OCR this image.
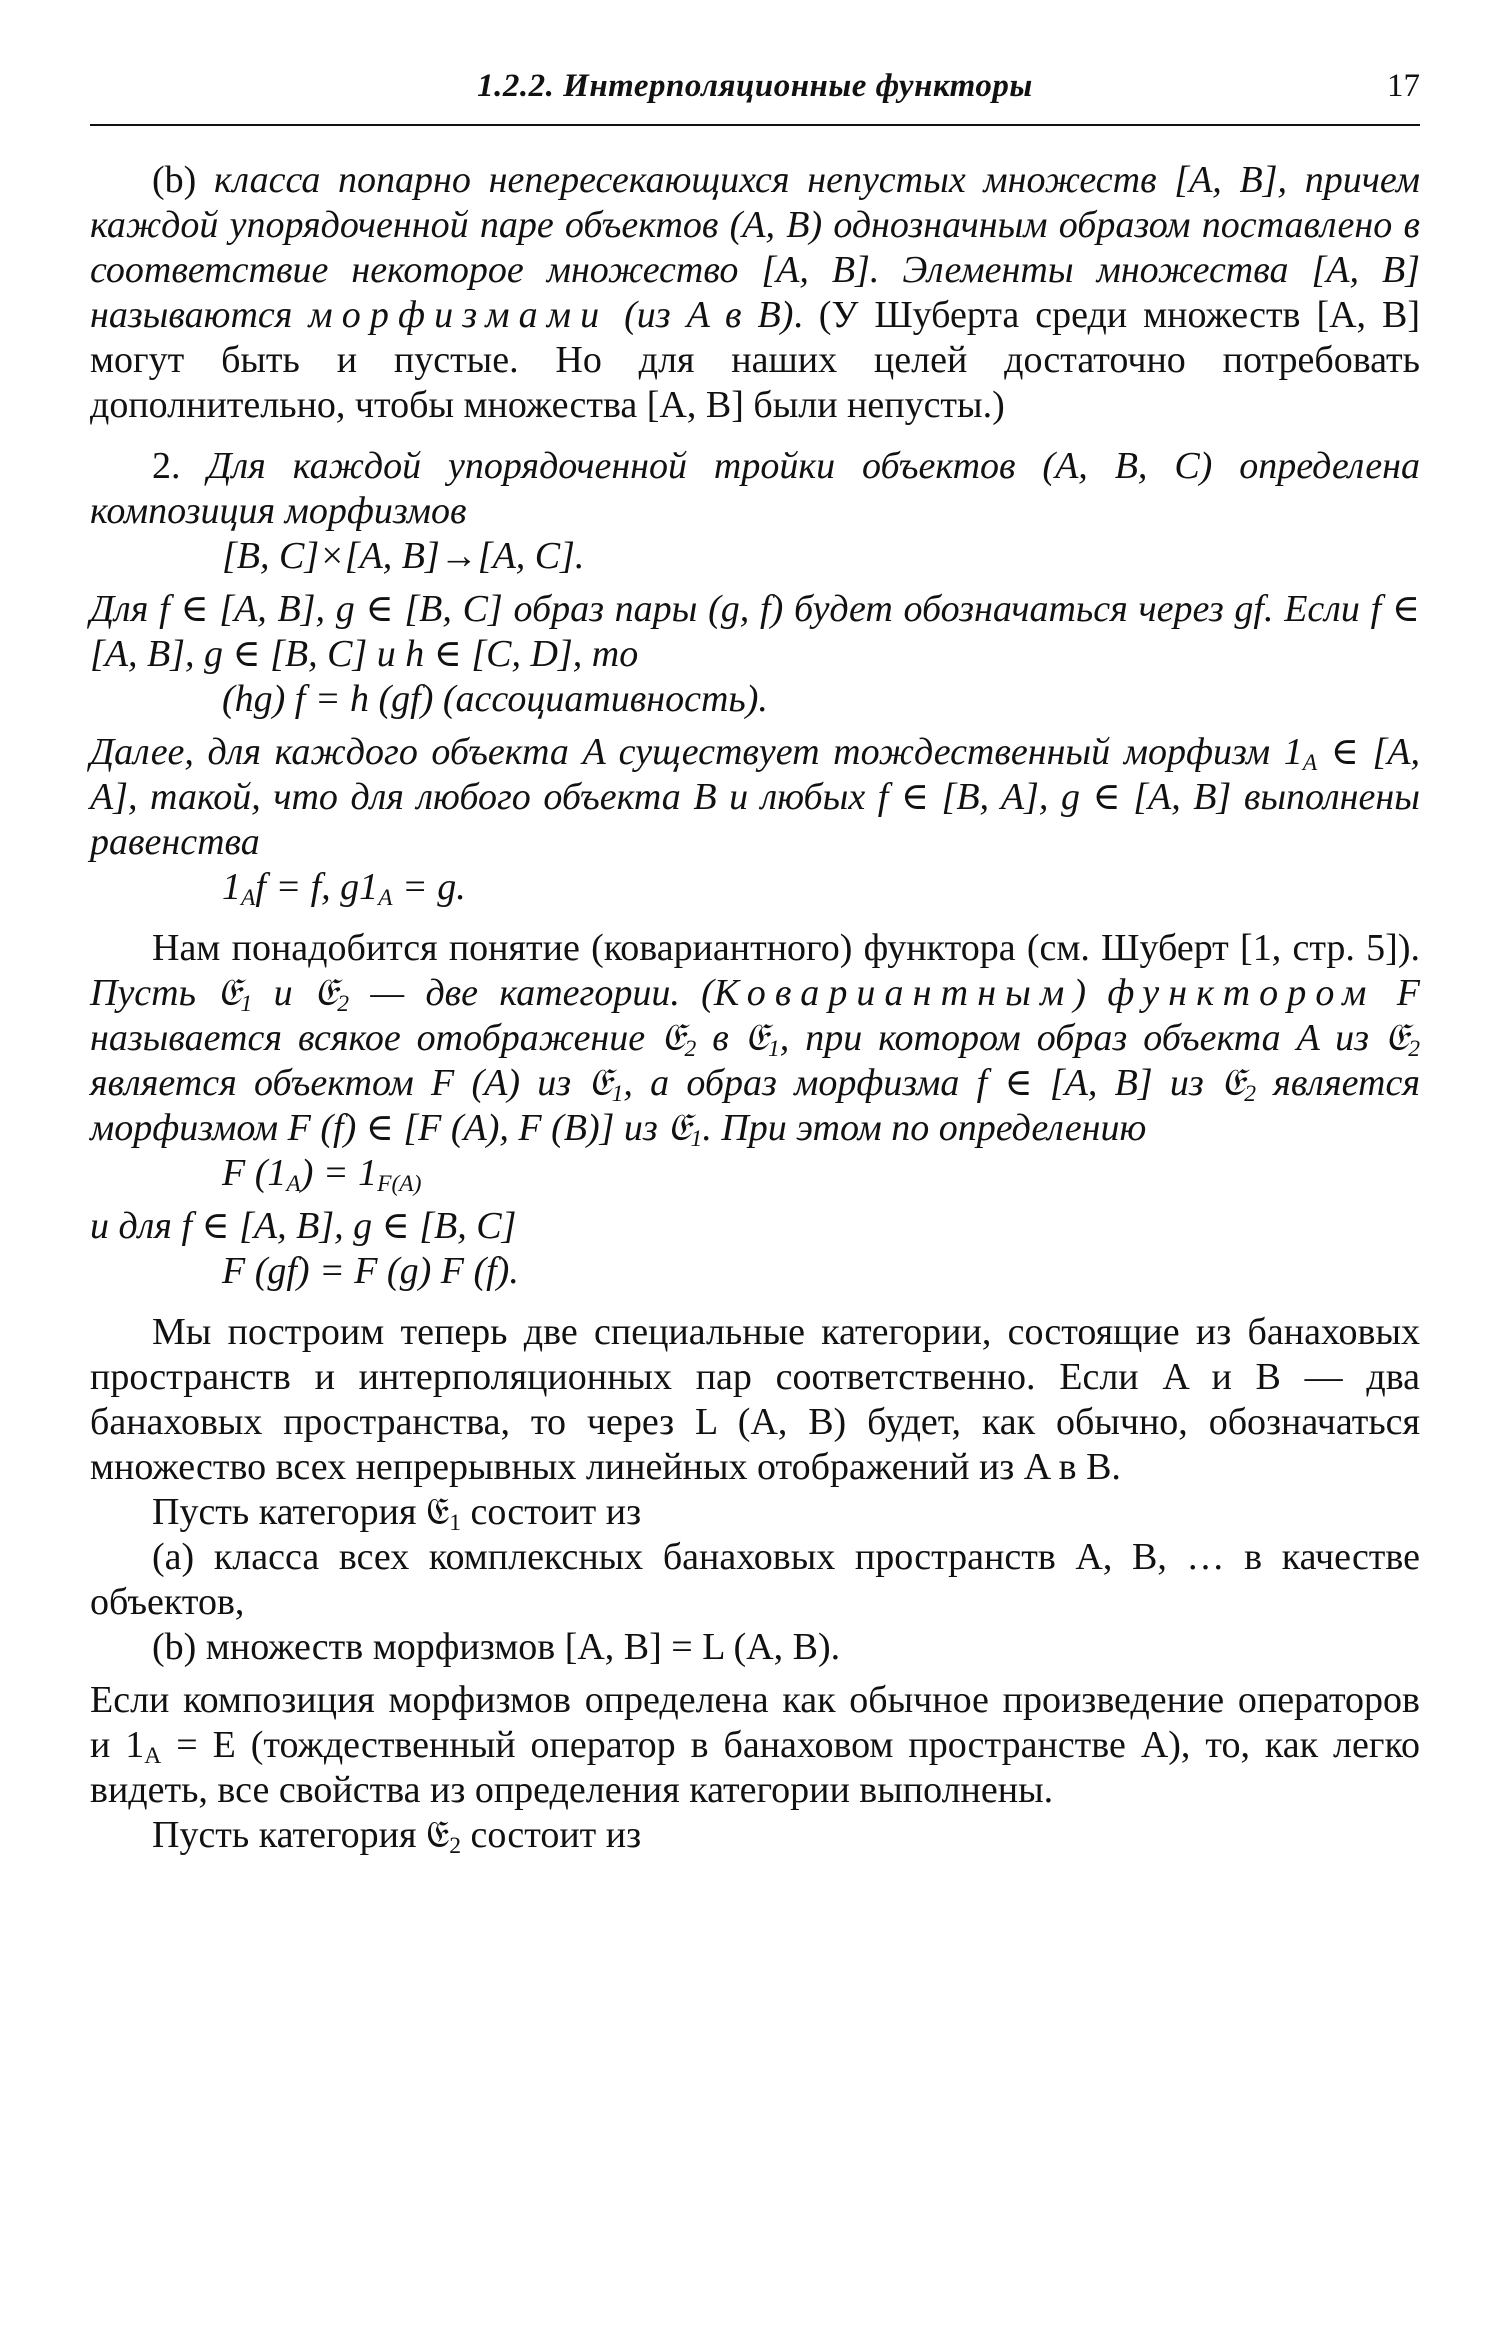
1.2.2. Интерполяционные функторы	17

(b) класса попарно непересекающихся непустых множеств [A, B], причем каждой упорядоченной паре объектов (A, B) однозначным образом поставлено в соответствие некоторое множество [A, B]. Элементы множества [A, B] называются морфизмами (из A в B). (У Шуберта среди множеств [A, B] могут быть и пустые. Но для наших целей достаточно потребовать дополнительно, чтобы множества [A, B] были непусты.)

2. Для каждой упорядоченной тройки объектов (A, B, C) определена композиция морфизмов

[B, C]×[A, B]→[A, C].

Для f ∈ [A, B], g ∈ [B, C] образ пары (g, f) будет обозначаться через gf. Если f ∈ [A, B], g ∈ [B, C] и h ∈ [C, D], то

(hg) f = h (gf) (ассоциативность).

Далее, для каждого объекта A существует тождественный морфизм $1_A$ ∈ [A, A], такой, что для любого объекта B и любых f ∈ [B, A], g ∈ [A, B] выполнены равенства

$1_Af = f$, $g1_A = g$.

Нам понадобится понятие (ковариантного) функтора (см. Шуберт [1, стр. 5]). Пусть 𝔈$_1$ и 𝔈$_2$ — две категории. (Ковариантным) функтором F называется всякое отображение 𝔈$_2$ в 𝔈$_1$, при котором образ объекта A из 𝔈$_2$ является объектом F (A) из 𝔈$_1$, а образ морфизма f ∈ [A, B] из 𝔈$_2$ является морфизмом F (f) ∈ [F (A), F (B)] из 𝔈$_1$. При этом по определению

F $(1_A) = 1_{F(A)}$

и для f ∈ [A, B], g ∈ [B, C]

F (gf) = F (g) F (f).

Мы построим теперь две специальные категории, состоящие из банаховых пространств и интерполяционных пар соответственно. Если A и B — два банаховых пространства, то через L (A, B) будет, как обычно, обозначаться множество всех непрерывных линейных отображений из A в B.

Пусть категория 𝔈$_1$ состоит из

(a) класса всех комплексных банаховых пространств A, B, … в качестве объектов,

(b) множеств морфизмов [A, B] = L (A, B).

Если композиция морфизмов определена как обычное произведение операторов и $1_A = E$ (тождественный оператор в банаховом пространстве A), то, как легко видеть, все свойства из определения категории выполнены.

Пусть категория 𝔈$_2$ состоит из
